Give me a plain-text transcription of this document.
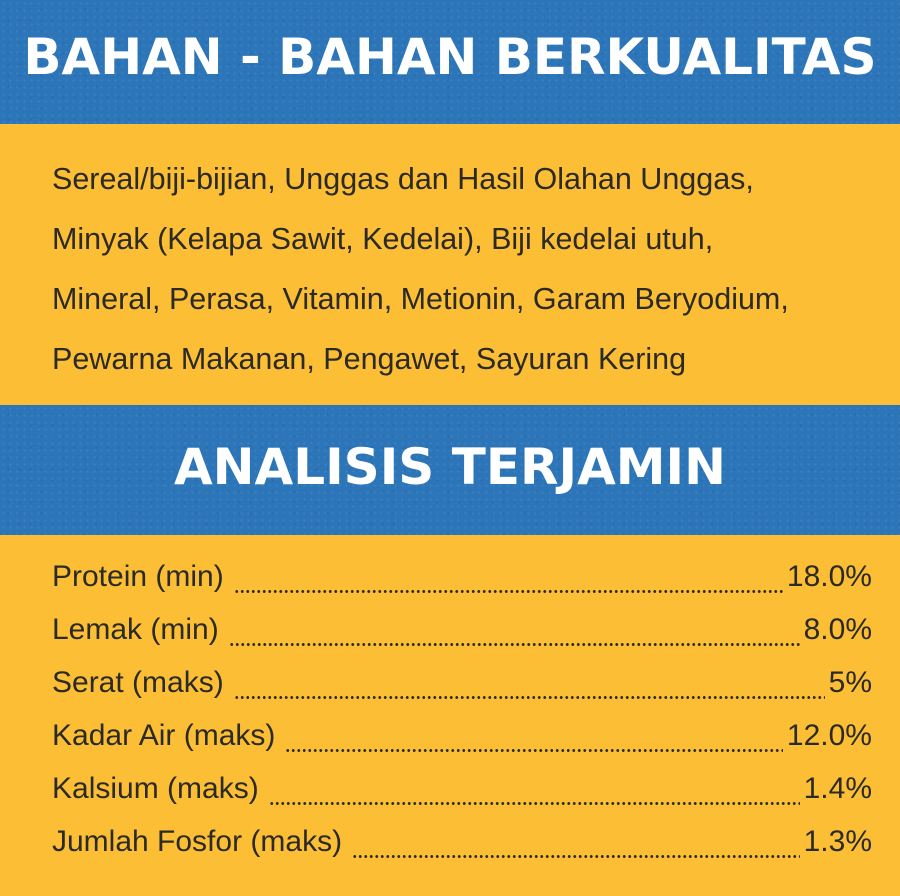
BAHAN - BAHAN BERKUALITAS
Sereal/biji-bijian, Unggas dan Hasil Olahan Unggas,
Minyak (Kelapa Sawit, Kedelai), Biji kedelai utuh,
Mineral, Perasa, Vitamin, Metionin, Garam Beryodium,
Pewarna Makanan, Pengawet, Sayuran Kering
ANALISIS TERJAMIN
Protein (min)	18.0%
Lemak (min)	8.0%
Serat (maks)	5%
Kadar Air (maks)	12.0%
Kalsium (maks)	1.4%
Jumlah Fosfor (maks)	1.3%
